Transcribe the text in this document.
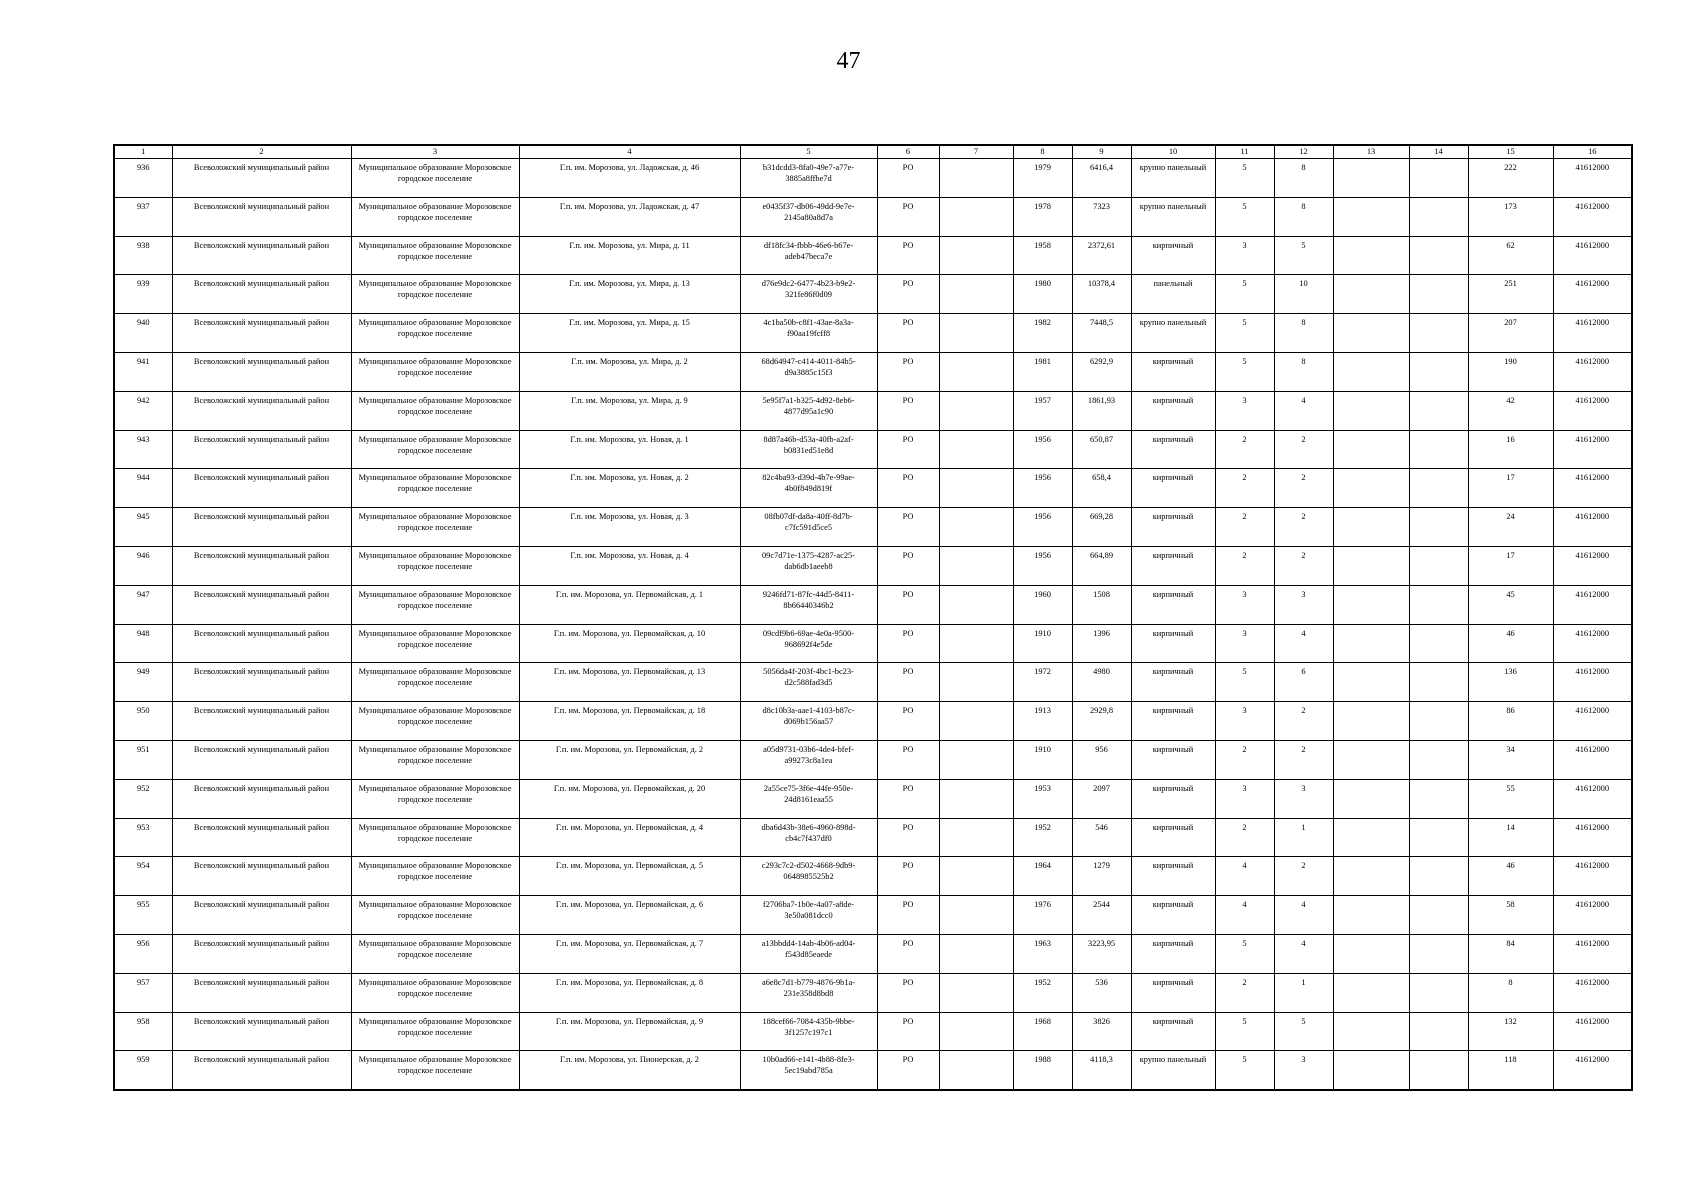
47
1	2	3	4	5	6	7	8	9	10	11	12	13	14	15	16
936	Всеволожский муниципальный район	Муниципальное образование Морозовское городское поселение	Г.п. им. Морозова, ул. Ладожская, д. 46	b31dcdd3-8fa0-49e7-a77e-3885a8ffbe7d	РО		1979	6416,4	крупно панельный	5	8			222	41612000
937	Всеволожский муниципальный район	Муниципальное образование Морозовское городское поселение	Г.п. им. Морозова, ул. Ладожская, д. 47	e0435f37-db06-49dd-9e7e-2145a80a8d7a	РО		1978	7323	крупно панельный	5	8			173	41612000
938	Всеволожский муниципальный район	Муниципальное образование Морозовское городское поселение	Г.п. им. Морозова, ул. Мира, д. 11	df18fc34-fbbb-46e6-b67e-adeb47beca7e	РО		1958	2372,61	кирпичный	3	5			62	41612000
939	Всеволожский муниципальный район	Муниципальное образование Морозовское городское поселение	Г.п. им. Морозова, ул. Мира, д. 13	d76e9dc2-6477-4b23-b9e2-321fe86f0d09	РО		1980	10378,4	панельный	5	10			251	41612000
940	Всеволожский муниципальный район	Муниципальное образование Морозовское городское поселение	Г.п. им. Морозова, ул. Мира, д. 15	4c1ba50b-c8f1-43ae-8a3a-f90aa19fcff8	РО		1982	7448,5	крупно панельный	5	8			207	41612000
941	Всеволожский муниципальный район	Муниципальное образование Морозовское городское поселение	Г.п. им. Морозова, ул. Мира, д. 2	68d64947-c414-4011-84b5-d9a3885c15f3	РО		1981	6292,9	кирпичный	5	8			190	41612000
942	Всеволожский муниципальный район	Муниципальное образование Морозовское городское поселение	Г.п. им. Морозова, ул. Мира, д. 9	5e95f7a1-b325-4d92-8eb6-4877d95a1c90	РО		1957	1861,93	кирпичный	3	4			42	41612000
943	Всеволожский муниципальный район	Муниципальное образование Морозовское городское поселение	Г.п. им. Морозова, ул. Новая, д. 1	8d87a46b-d53a-40fb-a2af-b0831ed51e8d	РО		1956	650,87	кирпичный	2	2			16	41612000
944	Всеволожский муниципальный район	Муниципальное образование Морозовское городское поселение	Г.п. им. Морозова, ул. Новая, д. 2	82c4ba93-d39d-4b7e-99ae-4b0f849d819f	РО		1956	658,4	кирпичный	2	2			17	41612000
945	Всеволожский муниципальный район	Муниципальное образование Морозовское городское поселение	Г.п. им. Морозова, ул. Новая, д. 3	08fb07df-da8a-40ff-8d7b-c7fc591d5ce5	РО		1956	669,28	кирпичный	2	2			24	41612000
946	Всеволожский муниципальный район	Муниципальное образование Морозовское городское поселение	Г.п. им. Морозова, ул. Новая, д. 4	09c7d71e-1375-4287-ac25-dab6db1aeeb8	РО		1956	664,89	кирпичный	2	2			17	41612000
947	Всеволожский муниципальный район	Муниципальное образование Морозовское городское поселение	Г.п. им. Морозова, ул. Первомайская, д. 1	9246fd71-87fc-44d5-8411-8b66440346b2	РО		1960	1508	кирпичный	3	3			45	41612000
948	Всеволожский муниципальный район	Муниципальное образование Морозовское городское поселение	Г.п. им. Морозова, ул. Первомайская, д. 10	09cdf9b6-69ae-4e0a-9500-968692f4e5de	РО		1910	1396	кирпичный	3	4			46	41612000
949	Всеволожский муниципальный район	Муниципальное образование Морозовское городское поселение	Г.п. им. Морозова, ул. Первомайская, д. 13	5056da4f-203f-4bc1-bc23-d2c588fad3d5	РО		1972	4980	кирпичный	5	6			136	41612000
950	Всеволожский муниципальный район	Муниципальное образование Морозовское городское поселение	Г.п. им. Морозова, ул. Первомайская, д. 18	d8c10b3a-aae1-4103-b87c-d069b156aa57	РО		1913	2929,8	кирпичный	3	2			86	41612000
951	Всеволожский муниципальный район	Муниципальное образование Морозовское городское поселение	Г.п. им. Морозова, ул. Первомайская, д. 2	a05d9731-03b6-4de4-bfef-a99273c8a1ea	РО		1910	956	кирпичный	2	2			34	41612000
952	Всеволожский муниципальный район	Муниципальное образование Морозовское городское поселение	Г.п. им. Морозова, ул. Первомайская, д. 20	2a55ce75-3f6e-44fe-950e-24d8161eaa55	РО		1953	2097	кирпичный	3	3			55	41612000
953	Всеволожский муниципальный район	Муниципальное образование Морозовское городское поселение	Г.п. им. Морозова, ул. Первомайская, д. 4	dba6d43b-38e6-4960-898d-cb4c7f437df0	РО		1952	546	кирпичный	2	1			14	41612000
954	Всеволожский муниципальный район	Муниципальное образование Морозовское городское поселение	Г.п. им. Морозова, ул. Первомайская, д. 5	c293c7c2-d502-4668-9db9-0648985525b2	РО		1964	1279	кирпичный	4	2			46	41612000
955	Всеволожский муниципальный район	Муниципальное образование Морозовское городское поселение	Г.п. им. Морозова, ул. Первомайская, д. 6	f2706ba7-1b0e-4a07-a8de-3e50a081dcc0	РО		1976	2544	кирпичный	4	4			58	41612000
956	Всеволожский муниципальный район	Муниципальное образование Морозовское городское поселение	Г.п. им. Морозова, ул. Первомайская, д. 7	a13bbdd4-14ab-4b06-ad04-f543d85eaede	РО		1963	3223,95	кирпичный	5	4			84	41612000
957	Всеволожский муниципальный район	Муниципальное образование Морозовское городское поселение	Г.п. им. Морозова, ул. Первомайская, д. 8	a6e8c7d1-b779-4876-9b1a-231e358d8bd8	РО		1952	536	кирпичный	2	1			8	41612000
958	Всеволожский муниципальный район	Муниципальное образование Морозовское городское поселение	Г.п. им. Морозова, ул. Первомайская, д. 9	188cef66-7084-435b-9bbe-3f1257c197c1	РО		1968	3826	кирпичный	5	5			132	41612000
959	Всеволожский муниципальный район	Муниципальное образование Морозовское городское поселение	Г.п. им. Морозова, ул. Пионерская, д. 2	10b0ad66-e141-4b88-8fe3-5ec19abd785a	РО		1988	4118,3	крупно панельный	5	3			118	41612000
